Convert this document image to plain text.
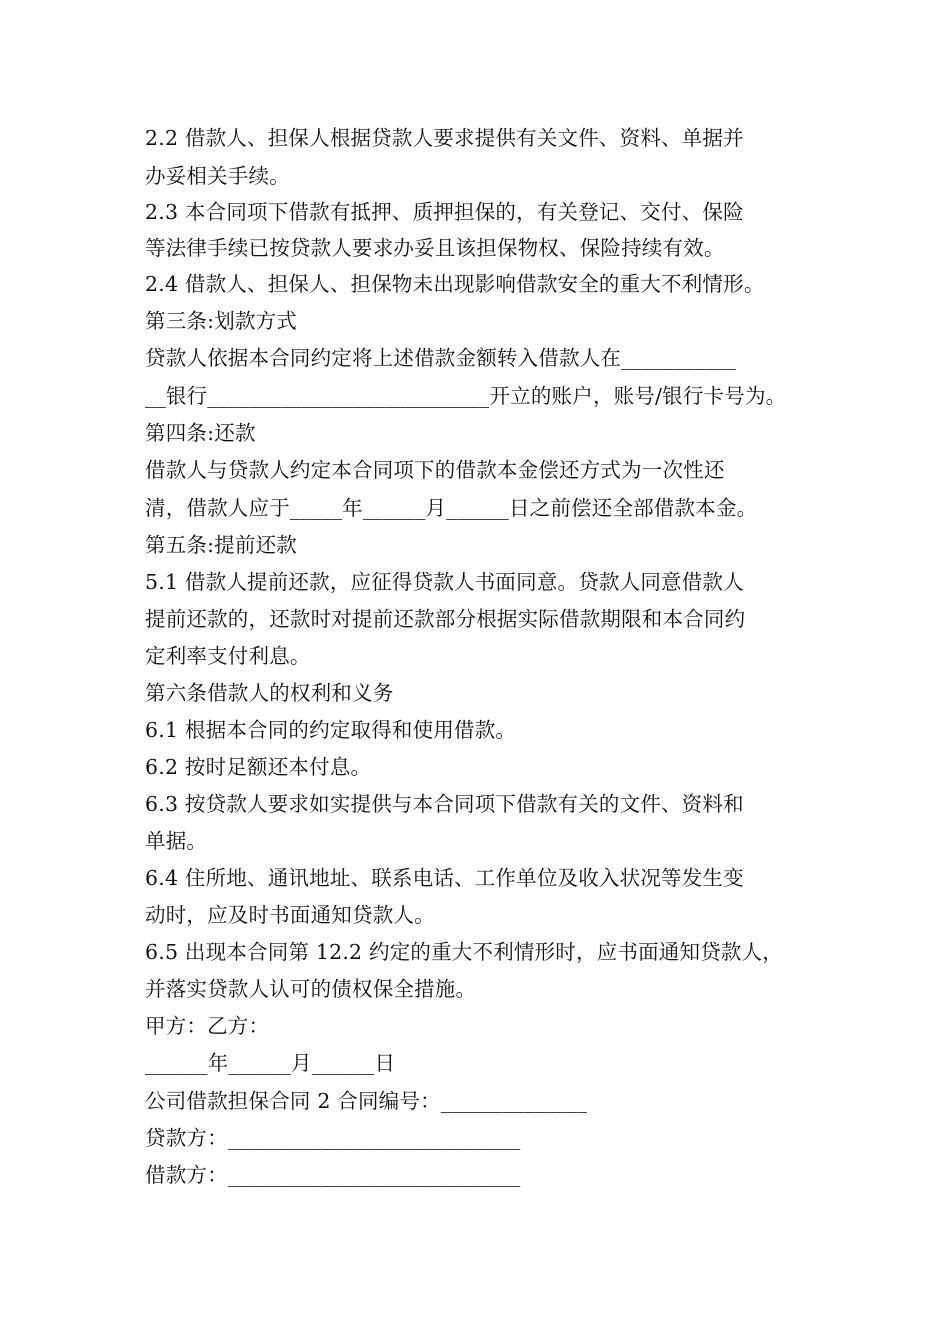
2.2 借款人、担保人根据贷款人要求提供有关文件、资料、单据并
办妥相关手续。
2.3 本合同项下借款有抵押、质押担保的，有关登记、交付、保险
等法律手续已按贷款人要求办妥且该担保物权、保险持续有效。
2.4 借款人、担保人、担保物未出现影响借款安全的重大不利情形。
第三条:划款方式
贷款人依据本合同约定将上述借款金额转入借款人在___________
__银行___________________________开立的账户，账号/银行卡号为。
第四条:还款
借款人与贷款人约定本合同项下的借款本金偿还方式为一次性还
清，借款人应于_____年______月______日之前偿还全部借款本金。
第五条:提前还款
5.1 借款人提前还款，应征得贷款人书面同意。贷款人同意借款人
提前还款的，还款时对提前还款部分根据实际借款期限和本合同约
定利率支付利息。
第六条借款人的权利和义务
6.1 根据本合同的约定取得和使用借款。
6.2 按时足额还本付息。
6.3 按贷款人要求如实提供与本合同项下借款有关的文件、资料和
单据。
6.4 住所地、通讯地址、联系电话、工作单位及收入状况等发生变
动时，应及时书面通知贷款人。
6.5 出现本合同第 12.2 约定的重大不利情形时，应书面通知贷款人，
并落实贷款人认可的债权保全措施。
甲方：乙方：
______年______月______日
公司借款担保合同 2 合同编号：______________
贷款方：____________________________
借款方：____________________________
